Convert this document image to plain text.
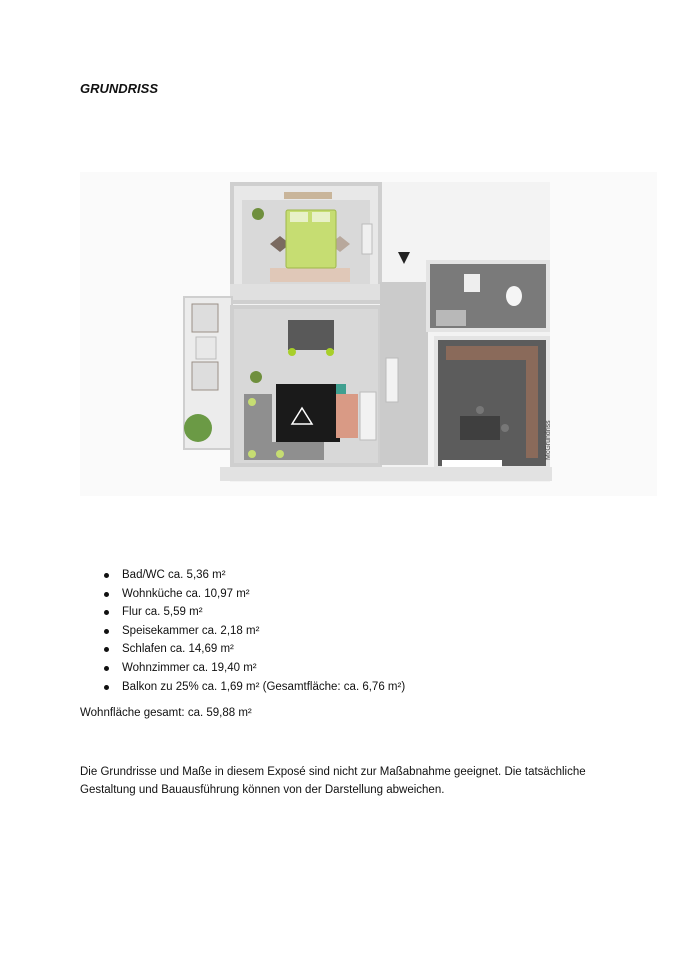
GRUNDRISS
McGrundriss
Bad/WC ca. 5,36 m²
Wohnküche ca. 10,97 m²
Flur ca. 5,59 m²
Speisekammer ca. 2,18 m²
Schlafen ca. 14,69 m²
Wohnzimmer ca. 19,40 m²
Balkon zu 25% ca. 1,69 m² (Gesamtfläche: ca. 6,76 m²)
Wohnfläche gesamt: ca. 59,88 m²
Die Grundrisse und Maße in diesem Exposé sind nicht zur Maßabnahme geeignet. Die tatsächliche Gestaltung und Bauausführung können von der Darstellung abweichen.
